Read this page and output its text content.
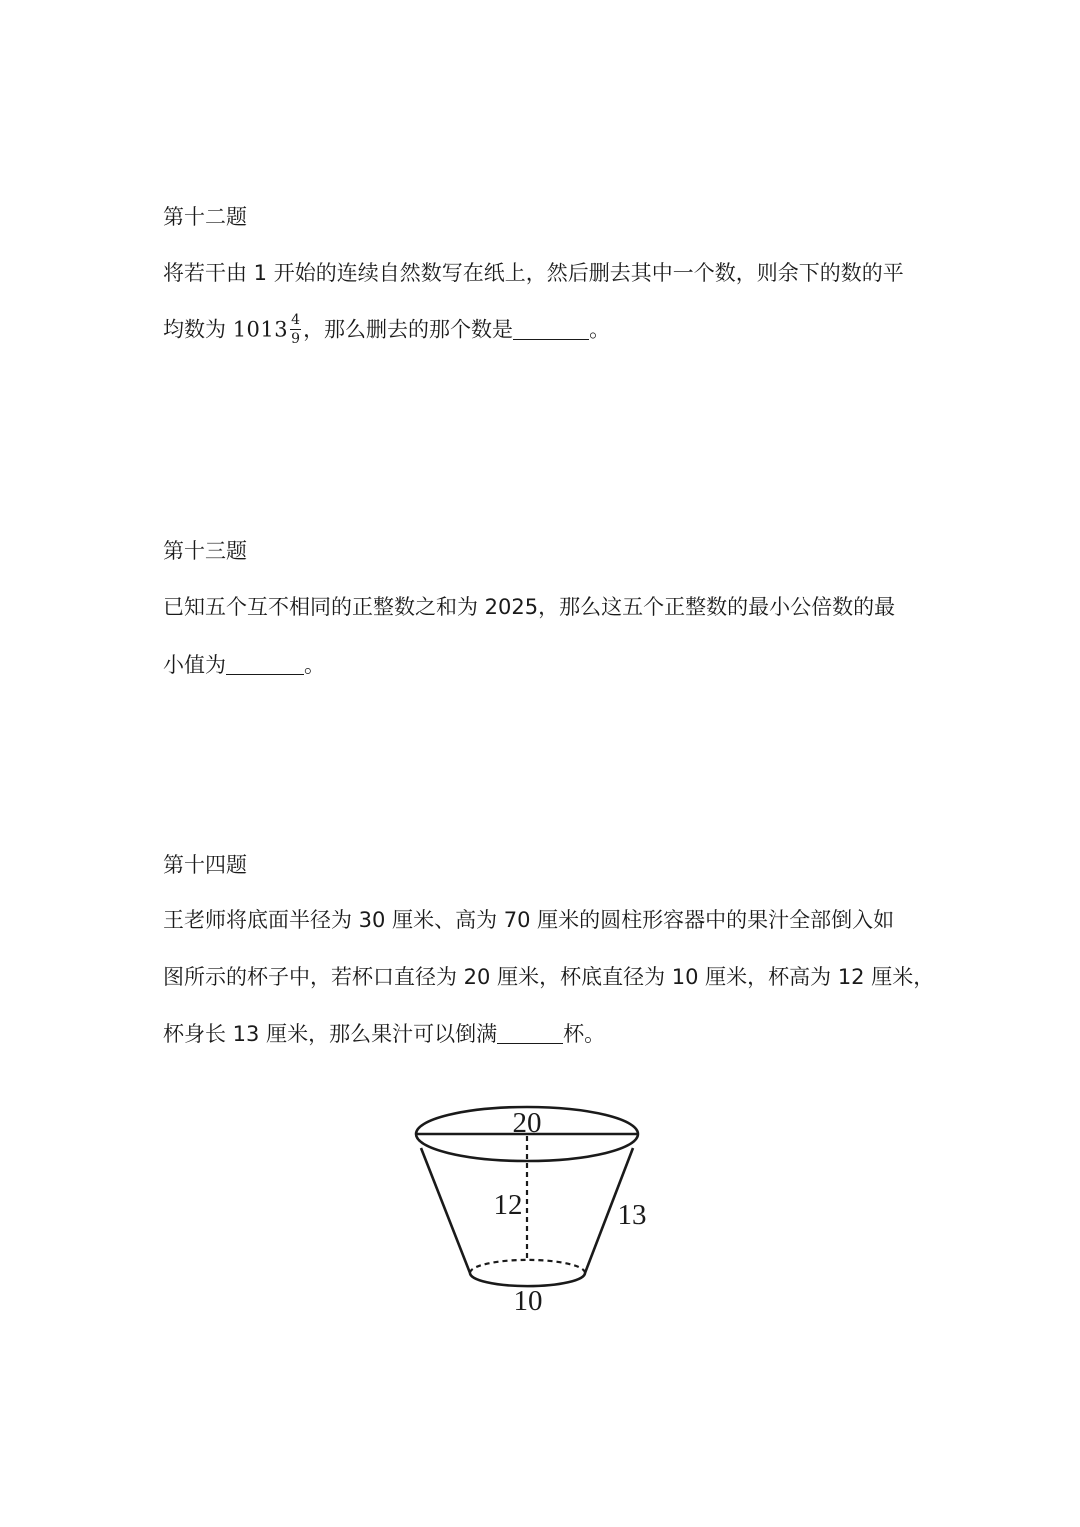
第十二题
将若干由 1 开始的连续自然数写在纸上，然后删去其中一个数，则余下的数的平
均数为 $1013 \frac{4}{9}$ ，那么删去的那个数是	。
第十三题
已知五个互不相同的正整数之和为 2025，那么这五个正整数的最小公倍数的最
小值为	。
第十四题
王老师将底面半径为 30 厘米、高为 70 厘米的圆柱形容器中的果汁全部倒入如
图所示的杯子中，若杯口直径为 20 厘米，杯底直径为 10 厘米，杯高为 12 厘米，
杯身长 13 厘米，那么果汁可以倒满	杯。
20
12	13
10
